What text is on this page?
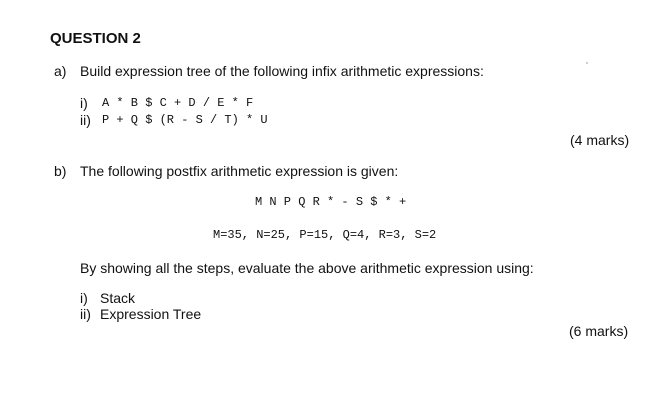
QUESTION 2
a) Build expression tree of the following infix arithmetic expressions:
i) A * B $ C + D / E * F
ii) P + Q $ (R - S / T) * U
(4 marks)
b) The following postfix arithmetic expression is given:
M N P Q R * - S $ * +
M=35, N=25, P=15, Q=4, R=3, S=2
By showing all the steps, evaluate the above arithmetic expression using:
i) Stack
ii) Expression Tree
(6 marks)
